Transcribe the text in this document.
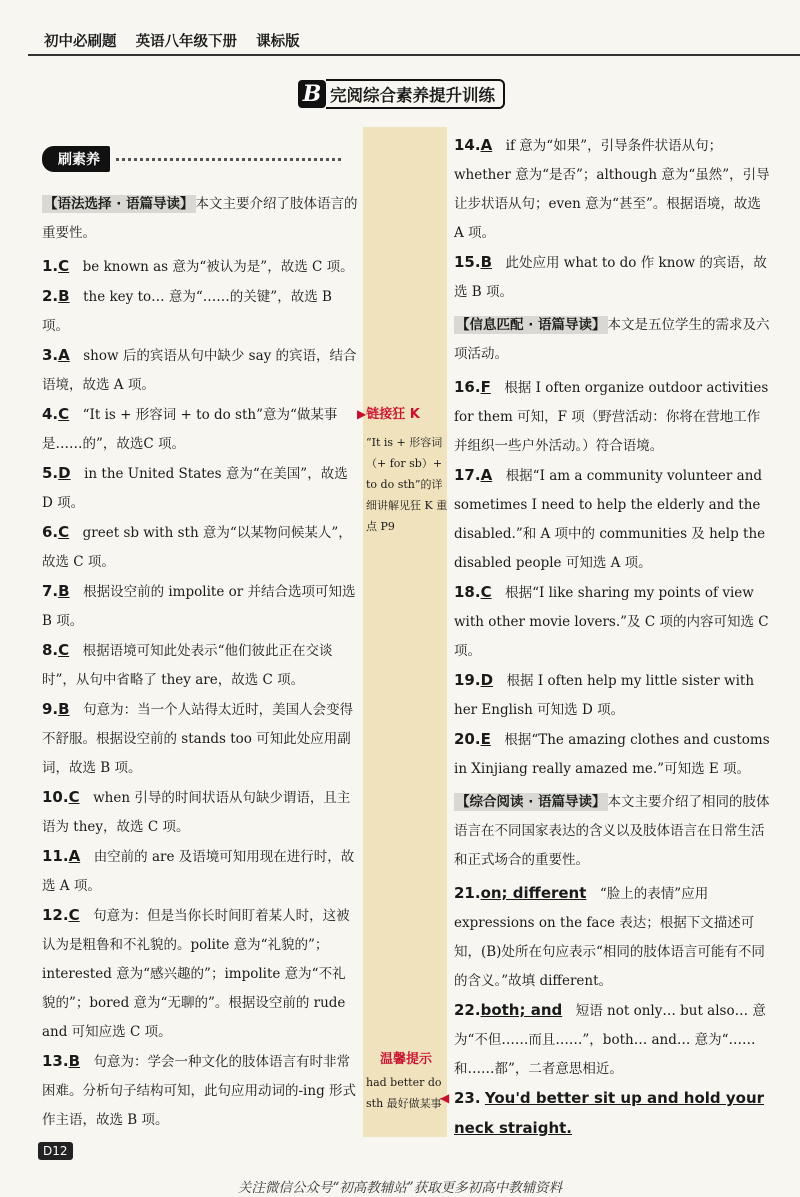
初中必刷题 英语八年级下册 课标版
B 完阅综合素养提升训练
刷素养
【语法选择 · 语篇导读】 本文主要介绍了肢体语言的重要性。
1.C  be known as 意为“被认为是”，故选 C 项。
2.B  the key to… 意为“……的关键”，故选 B 项。
3.A  show 后的宾语从句中缺少 say 的宾语，结合语境，故选 A 项。
4.C  “It is + 形容词 + to do sth”意为“做某事是……的”，故选C 项。
5.D  in the United States 意为“在美国”，故选 D 项。
6.C  greet sb with sth 意为“以某物问候某人”，故选 C 项。
7.B  根据设空前的 impolite or 并结合选项可知选 B 项。
8.C  根据语境可知此处表示“他们彼此正在交谈时”，从句中省略了 they are，故选 C 项。
9.B  句意为：当一个人站得太近时，美国人会变得不舒服。根据设空前的 stands too 可知此处应用副词，故选 B 项。
10.C  when 引导的时间状语从句缺少谓语，且主语为 they，故选 C 项。
11.A  由空前的 are 及语境可知用现在进行时，故选 A 项。
12.C  句意为：但是当你长时间盯着某人时，这被认为是粗鲁和不礼貌的。polite 意为“礼貌的”；interested 意为“感兴趣的”；impolite 意为“不礼貌的”；bored 意为“无聊的”。根据设空前的 rude and 可知应选 C 项。
13.B  句意为：学会一种文化的肢体语言有时非常困难。分析句子结构可知，此句应用动词的-ing 形式作主语，故选 B 项。
▶链接狂 K
“It is + 形容词（+ for sb）+ to do sth”的详细讲解见狂 K 重点 P9
温馨提示
had better do sth 最好做某事
14.A  if 意为“如果”，引导条件状语从句；whether 意为“是否”；although 意为“虽然”，引导让步状语从句；even 意为“甚至”。根据语境，故选 A 项。
15.B  此处应用 what to do 作 know 的宾语，故选 B 项。
【信息匹配 · 语篇导读】 本文是五位学生的需求及六项活动。
16.F  根据 I often organize outdoor activities for them 可知，F 项（野营活动：你将在营地工作并组织一些户外活动。）符合语境。
17.A  根据“I am a community volunteer and sometimes I need to help the elderly and the disabled.”和 A 项中的 communities 及 help the disabled people 可知选 A 项。
18.C  根据“I like sharing my points of view with other movie lovers.”及 C 项的内容可知选 C 项。
19.D  根据 I often help my little sister with her English 可知选 D 项。
20.E  根据“The amazing clothes and customs in Xinjiang really amazed me.”可知选 E 项。
【综合阅读 · 语篇导读】 本文主要介绍了相同的肢体语言在不同国家表达的含义以及肢体语言在日常生活和正式场合的重要性。
21.on; different  “脸上的表情”应用 expressions on the face 表达；根据下文描述可知，(B)处所在句应表示“相同的肢体语言可能有不同的含义。”故填 different。
22.both; and  短语 not only… but also… 意为“不但……而且……”，both… and… 意为“……和……都”，二者意思相近。
◀ 23. You'd better sit up and hold your neck straight.
D12
关注微信公众号“初高教辅站”获取更多初高中教辅资料
